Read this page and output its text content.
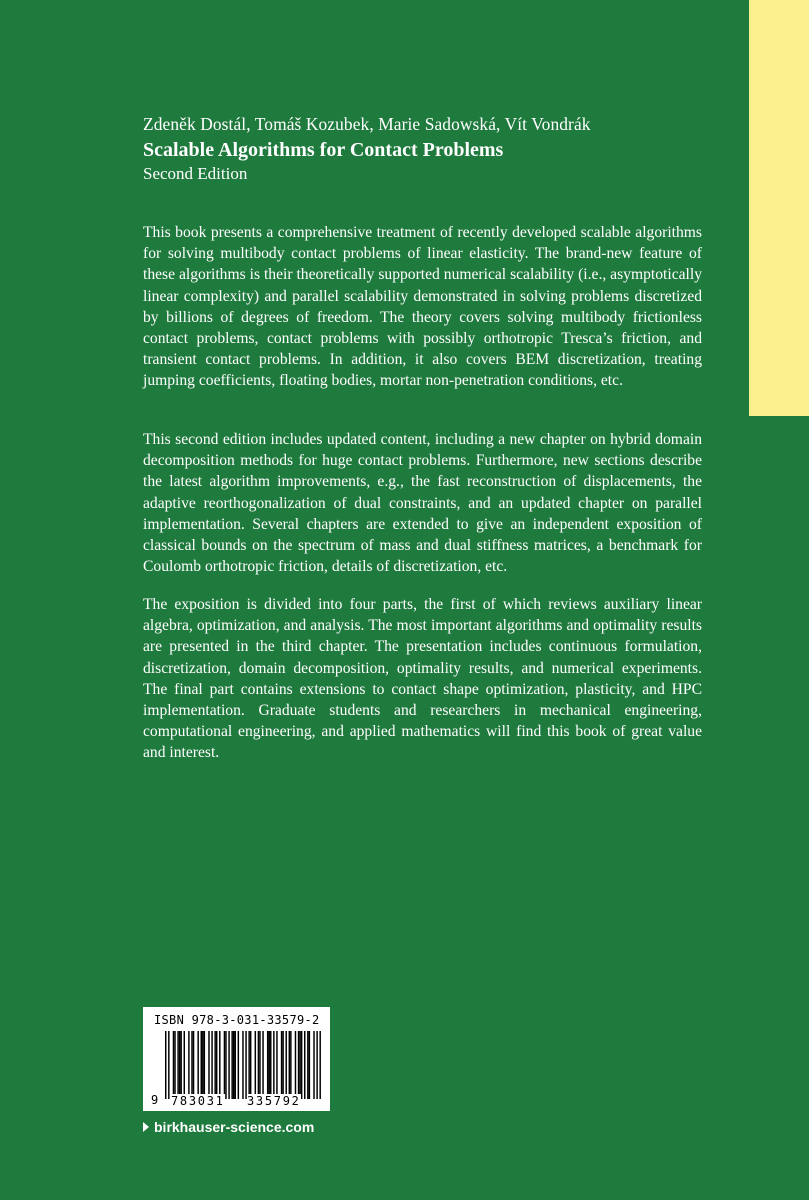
Zdeněk Dostál, Tomáš Kozubek, Marie Sadowská, Vít Vondrák
Scalable Algorithms for Contact Problems
Second Edition

This book presents a comprehensive treatment of recently developed scalable algorithms for solving multibody contact problems of linear elasticity. The brand-new feature of these algorithms is their theoretically supported numerical scalability (i.e., asymptotically linear complexity) and parallel scalability demonstrated in solving problems discretized by billions of degrees of freedom. The theory covers solving multibody frictionless contact problems, contact problems with possibly orthotropic Tresca’s friction, and transient contact problems. In addition, it also covers BEM discretization, treating jumping coefficients, floating bodies, mortar non-penetration conditions, etc.

This second edition includes updated content, including a new chapter on hybrid domain decomposition methods for huge contact problems. Furthermore, new sections describe the latest algorithm improvements, e.g., the fast reconstruction of displacements, the adaptive reorthogonalization of dual constraints, and an updated chapter on parallel implementation. Several chapters are extended to give an independent exposition of classical bounds on the spectrum of mass and dual stiffness matrices, a benchmark for Coulomb orthotropic friction, details of discretization, etc.

The exposition is divided into four parts, the first of which reviews auxiliary linear algebra, optimization, and analysis. The most important algorithms and optimality results are presented in the third chapter. The presentation includes continuous formulation, discretization, domain decomposition, optimality results, and numerical experiments. The final part contains extensions to contact shape optimization, plasticity, and HPC implementation. Graduate students and researchers in mechanical engineering, computational engineering, and applied mathematics will find this book of great value and interest.

ISBN 978-3-031-33579-2
9 783031 335792
birkhauser-science.com
